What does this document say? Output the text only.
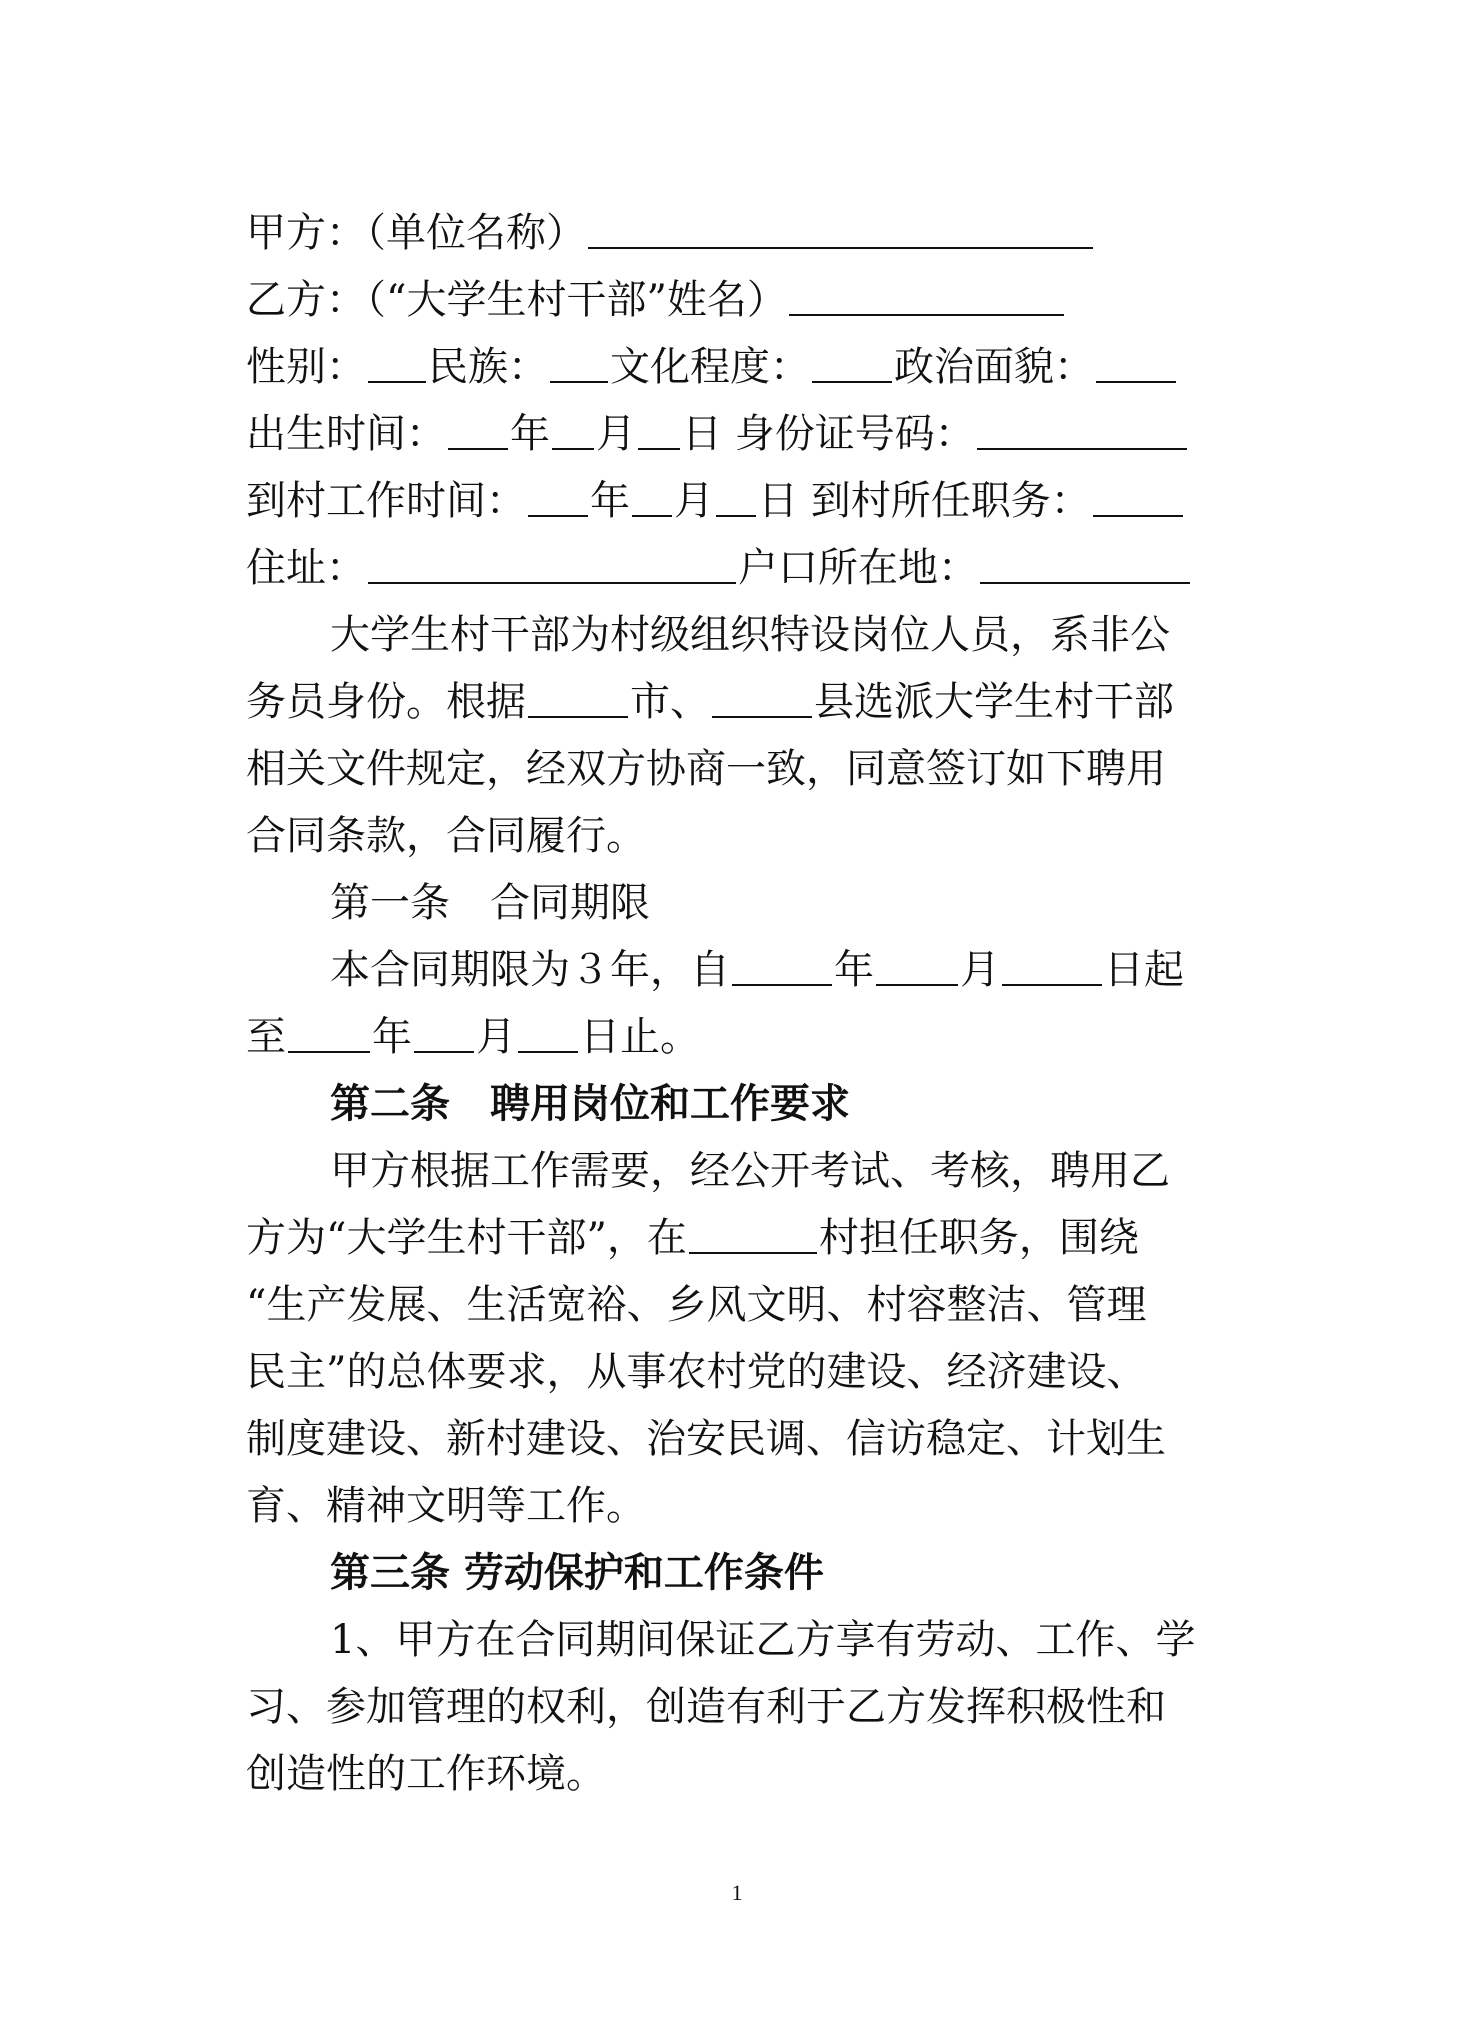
甲方：（单位名称）
乙方：（“大学生村干部”姓名）
性别： 民族： 文化程度： 政治面貌：
出生时间： 年 月 日 身份证号码：
到村工作时间： 年 月 日 到村所任职务：
住址：	户口所在地：
大学生村干部为村级组织特设岗位人员，系非公
务员身份。根据	市、	县选派大学生村干部
相关文件规定，经双方协商一致，同意签订如下聘用
合同条款，合同履行。
第一条　合同期限
本合同期限为３年，自	年 月	日起
至 年 月 日止。
第二条　聘用岗位和工作要求
甲方根据工作需要，经公开考试、考核，聘用乙
方为“大学生村干部”，在	村担任职务，围绕
“生产发展、生活宽裕、乡风文明、村容整洁、管理
民主”的总体要求，从事农村党的建设、经济建设、
制度建设、新村建设、治安民调、信访稳定、计划生
育、精神文明等工作。
第三条 劳动保护和工作条件
1、甲方在合同期间保证乙方享有劳动、工作、学
习、参加管理的权利，创造有利于乙方发挥积极性和
创造性的工作环境。
1
